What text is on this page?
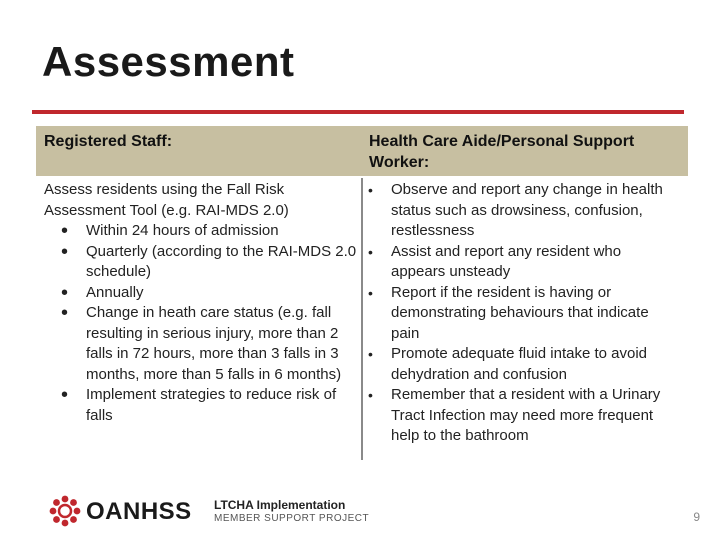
Assessment
Registered Staff:	Health Care Aide/Personal Support Worker:

Assess residents using the Fall Risk Assessment Tool (e.g. RAI-MDS 2.0)

• Within 24 hours of admission
• Quarterly (according to the RAI-MDS 2.0 schedule)
• Annually
• Change in heath care status (e.g. fall resulting in serious injury, more than 2 falls in 72 hours, more than 3 falls in 3 months, more than 5 falls in 6 months)
• Implement strategies to reduce risk of falls
• Observe and report any change in health status such as drowsiness, confusion, restlessness
• Assist and report any resident who appears unsteady
• Report if the resident is having or demonstrating behaviours that indicate pain
• Promote adequate fluid intake to avoid dehydration and confusion
• Remember that a resident with a Urinary Tract Infection may need more frequent help to the bathroom
OANHSS LTCHA Implementation
MEMBER SUPPORT PROJECT	9
